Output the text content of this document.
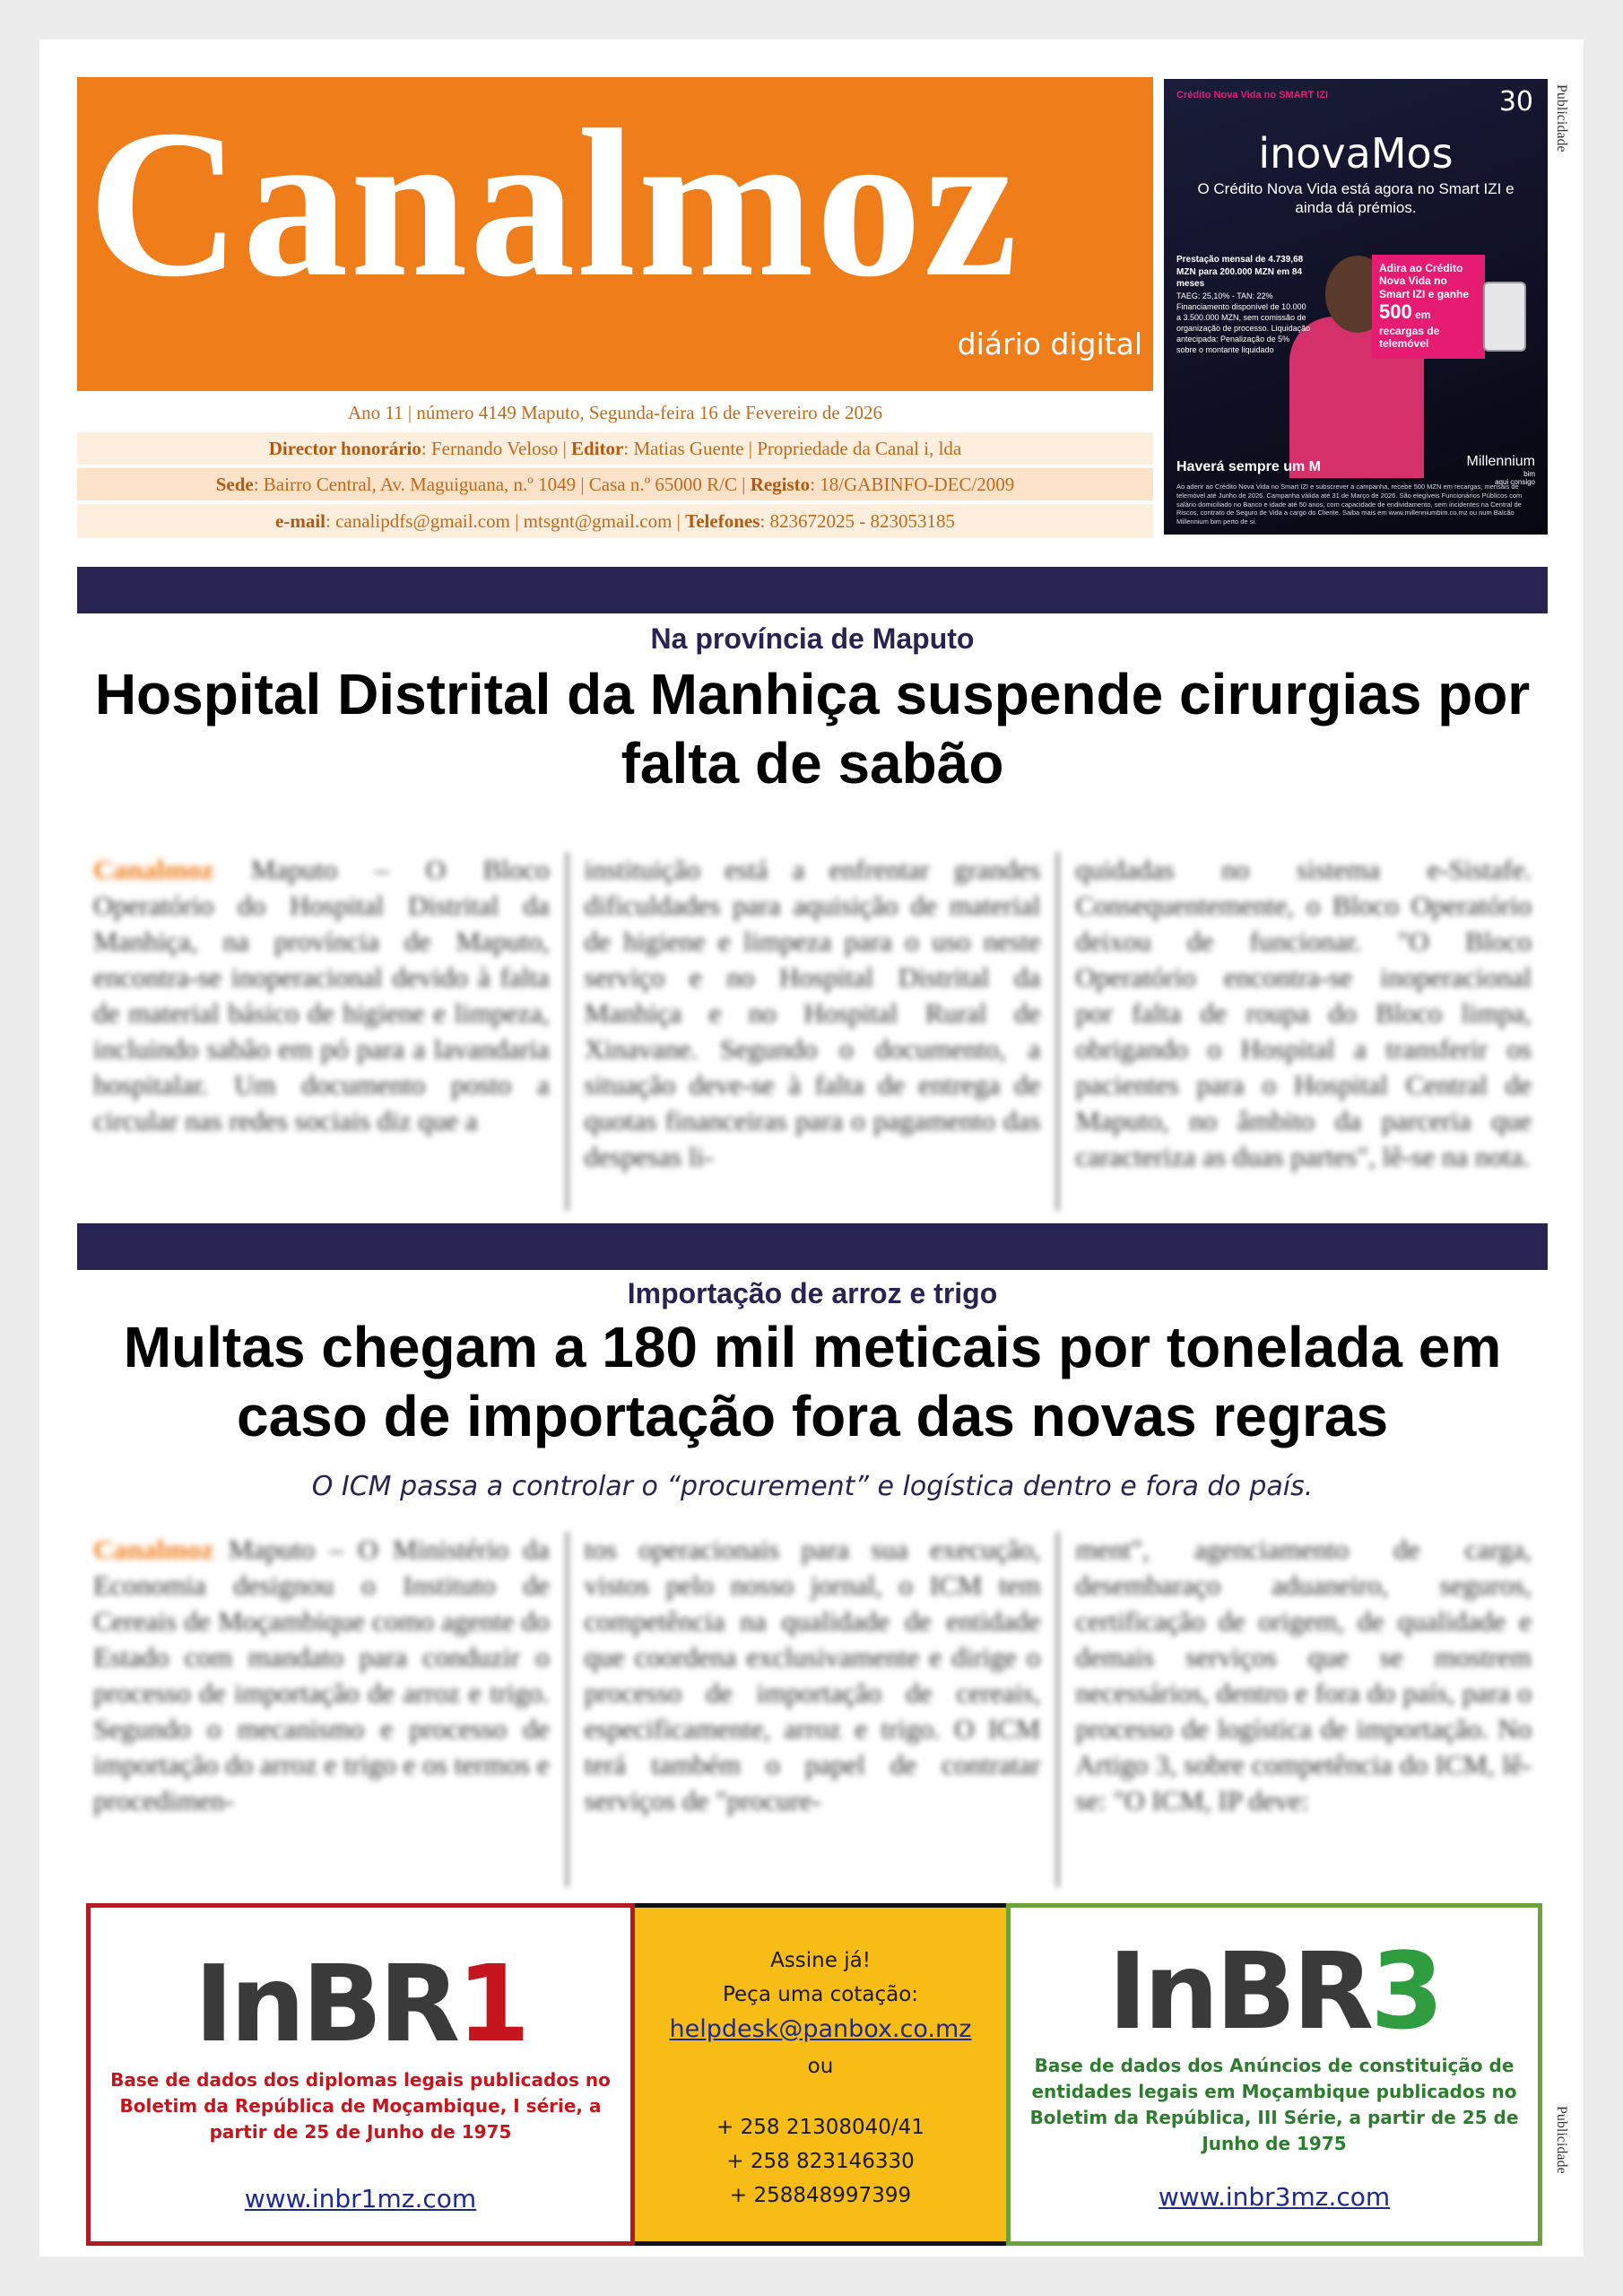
Canalmoz
diário digital
Ano 11 | número 4149 Maputo, Segunda-feira 16 de Fevereiro de 2026
Director honorário: Fernando Veloso | Editor: Matias Guente | Propriedade da Canal i, lda
Sede: Bairro Central, Av. Maguiguana, n.º 1049 | Casa n.º 65000 R/C | Registo: 18/GABINFO-DEC/2009
e-mail: canalipdfs@gmail.com | mtsgnt@gmail.com | Telefones: 823672025 - 823053185
Crédito Nova Vida no SMART IZI	30
inovaMos
O Crédito Nova Vida está agora no Smart IZI e ainda dá prémios.
Prestação mensal de 4.739,68 MZN para 200.000 MZN em 84 meses
TAEG: 25,10% - TAN: 22%
Financiamento disponível de 10.000 a 3.500.000 MZN, sem comissão de organização de processo. Liquidação antecipada: Penalização de 5% sobre o montante liquidado
Adira ao Crédito Nova Vida no Smart IZI e ganhe
500 em recargas de telemóvel
Haverá sempre um M	Millennium
bim
aqui consigo
Ao aderir ao Crédito Nova Vida no Smart IZI e subscrever a campanha, recebe 500 MZN em recargas, mensais de telemóvel até Junho de 2026. Campanha válida até 31 de Março de 2026. São elegíveis Funcionários Públicos com salário domiciliado no Banco e idade até 50 anos, com capacidade de endividamento, sem incidentes na Central de Riscos, contrato de Seguro de Vida a cargo do Cliente. Saiba mais em www.millenniumbim.co.mz ou num Balcão Millennium bim perto de si.
Publicidade
Na província de Maputo
Hospital Distrital da Manhiça suspende cirurgias por falta de sabão
Canalmoz Maputo – O Bloco Operatório do Hospital Distrital da Manhiça, na província de Maputo, encontra-se inoperacional devido à falta de material básico de higiene e limpeza, incluindo sabão em pó para a lavandaria hospitalar. Um documento posto a circular nas redes sociais diz que a
instituição está a enfrentar grandes dificuldades para aquisição de material de higiene e limpeza para o uso neste serviço e no Hospital Distrital da Manhiça e no Hospital Rural de Xinavane. Segundo o documento, a situação deve-se à falta de entrega de quotas financeiras para o pagamento das despesas li-
quidadas no sistema e-Sistafe. Consequentemente, o Bloco Operatório deixou de funcionar. "O Bloco Operatório encontra-se inoperacional por falta de roupa do Bloco limpa, obrigando o Hospital a transferir os pacientes para o Hospital Central de Maputo, no âmbito da parceria que caracteriza as duas partes", lê-se na nota.
Importação de arroz e trigo
Multas chegam a 180 mil meticais por tonelada em caso de importação fora das novas regras
O ICM passa a controlar o “procurement” e logística dentro e fora do país.
Canalmoz Maputo – O Ministério da Economia designou o Instituto de Cereais de Moçambique como agente do Estado com mandato para conduzir o processo de importação de arroz e trigo. Segundo o mecanismo e processo de importação do arroz e trigo e os termos e procedimen-
tos operacionais para sua execução, vistos pelo nosso jornal, o ICM tem competência na qualidade de entidade que coordena exclusivamente e dirige o processo de importação de cereais, especificamente, arroz e trigo. O ICM terá também o papel de contratar serviços de "procure-
ment", agenciamento de carga, desembaraço aduaneiro, seguros, certificação de origem, de qualidade e demais serviços que se mostrem necessários, dentro e fora do país, para o processo de logística de importação. No Artigo 3, sobre competência do ICM, lê-se: "O ICM, IP deve:
InBR1
Base de dados dos diplomas legais publicados no Boletim da República de Moçambique, I série, a partir de 25 de Junho de 1975
www.inbr1mz.com
Assine já!
Peça uma cotação:
helpdesk@panbox.co.mz
ou
+ 258 21308040/41
+ 258 823146330
+ 258848997399
InBR3
Base de dados dos Anúncios de constituição de entidades legais em Moçambique publicados no Boletim da República, III Série, a partir de 25 de Junho de 1975
www.inbr3mz.com
Publicidade
